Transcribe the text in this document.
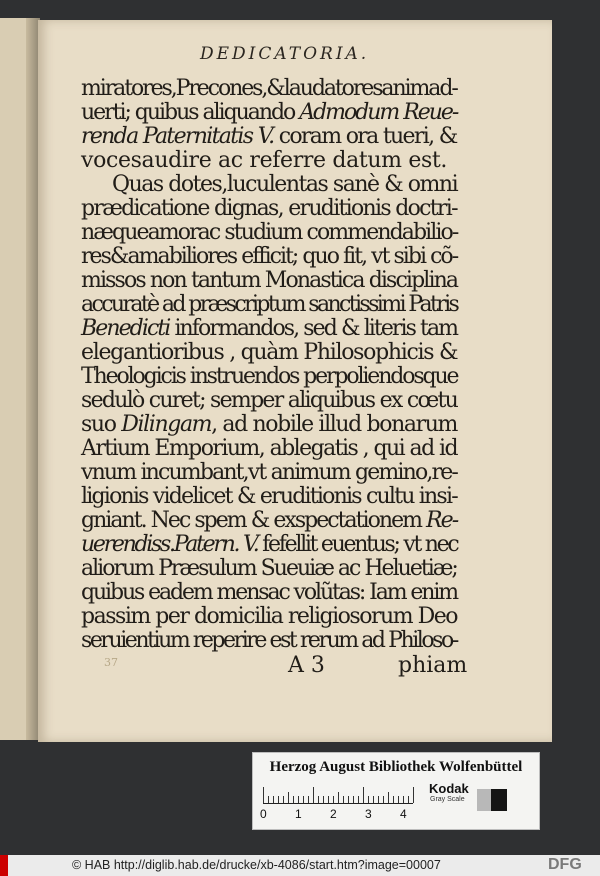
DEDICATORIA.
miratores,Precones,&laudatoresanimad-
uerti; quibus aliquando Admodum Reue-
renda Paternitatis V. coram ora tueri, &
vocesaudire ac referre datum est.
Quas dotes,luculentas sanè & omni
prædicatione dignas, eruditionis doctri-
næqueamorac studium commendabilio-
res&amabiliores efficit; quo fit, vt sibi cõ-
missos non tantum Monastica disciplina
accuratè ad præscriptum sanctissimi Patris
Benedicti informandos, sed & literis tam
elegantioribus , quàm Philosophicis &
Theologicis instruendos perpoliendosque
sedulò curet; semper aliquibus ex cœtu
suo Dilingam, ad nobile illud bonarum
Artium Emporium, ablegatis , qui ad id
vnum incumbant,vt animum gemino,re-
ligionis videlicet & eruditionis cultu insi-
gniant. Nec spem & exspectationem Re-
uerendiss.Patern. V. fefellit euentus; vt nec
aliorum Præsulum Sueuiæ ac Heluetiæ;
quibus eadem mensac volũtas: Iam enim
passim per domicilia religiosorum Deo
seruientium reperire est rerum ad Philoso-
37	A 3	phiam
Herzog August Bibliothek Wolfenbüttel
Kodak
Gray Scale
0 1 2 3 4
© HAB http://diglib.hab.de/drucke/xb-4086/start.htm?image=00007	DFG
